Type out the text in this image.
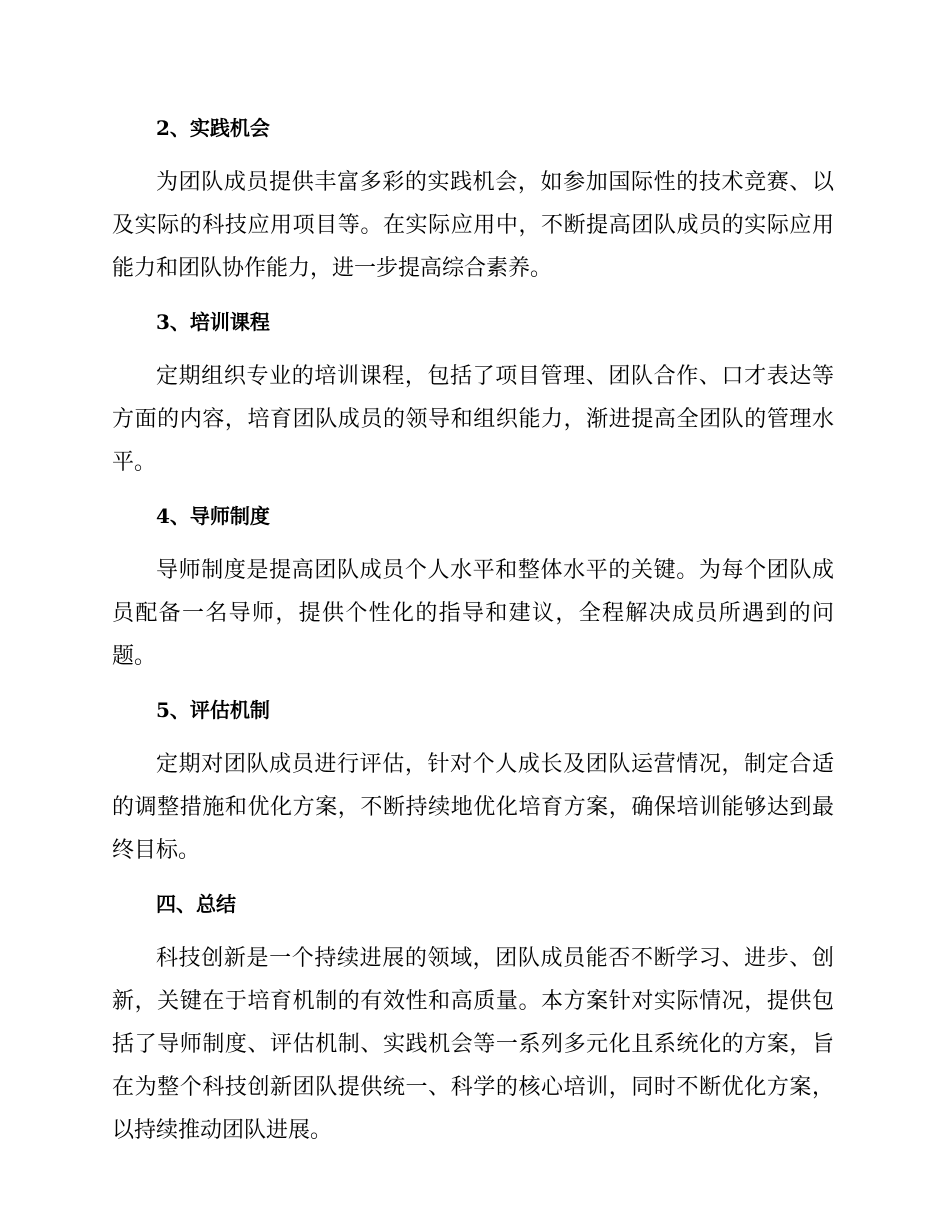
2、实践机会

为团队成员提供丰富多彩的实践机会，如参加国际性的技术竞赛、以及实际的科技应用项目等。在实际应用中，不断提高团队成员的实际应用能力和团队协作能力，进一步提高综合素养。

3、培训课程

定期组织专业的培训课程，包括了项目管理、团队合作、口才表达等方面的内容，培育团队成员的领导和组织能力，渐进提高全团队的管理水平。

4、导师制度

导师制度是提高团队成员个人水平和整体水平的关键。为每个团队成员配备一名导师，提供个性化的指导和建议，全程解决成员所遇到的问题。

5、评估机制

定期对团队成员进行评估，针对个人成长及团队运营情况，制定合适的调整措施和优化方案，不断持续地优化培育方案，确保培训能够达到最终目标。

四、总结

科技创新是一个持续进展的领域，团队成员能否不断学习、进步、创新，关键在于培育机制的有效性和高质量。本方案针对实际情况，提供包括了导师制度、评估机制、实践机会等一系列多元化且系统化的方案，旨在为整个科技创新团队提供统一、科学的核心培训，同时不断优化方案，以持续推动团队进展。
